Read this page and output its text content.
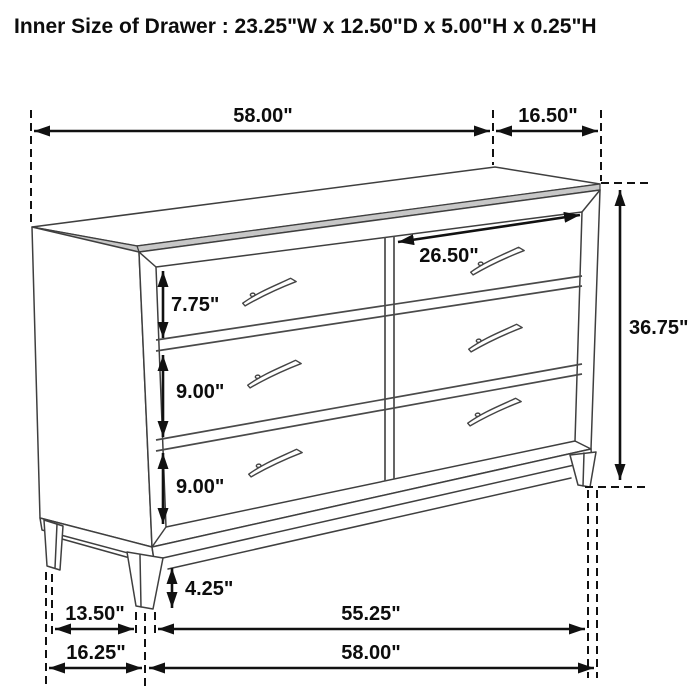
58.00"	16.50"
26.50"
7.75"
9.00"
9.00"
36.75"
4.25"
13.50"	55.25"
16.25"	58.00"
Inner Size of Drawer : 23.25"W x 12.50"D x 5.00"H x 0.25"H
